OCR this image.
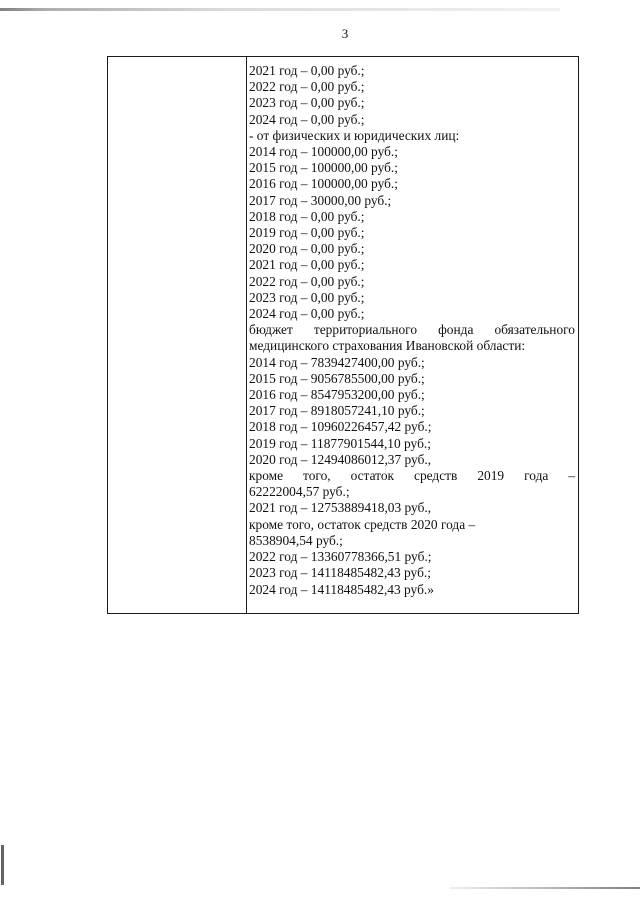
3
2021 год – 0,00 руб.;
2022 год – 0,00 руб.;
2023 год – 0,00 руб.;
2024 год – 0,00 руб.;
- от физических и юридических лиц:
2014 год – 100000,00 руб.;
2015 год – 100000,00 руб.;
2016 год – 100000,00 руб.;
2017 год – 30000,00 руб.;
2018 год – 0,00 руб.;
2019 год – 0,00 руб.;
2020 год – 0,00 руб.;
2021 год – 0,00 руб.;
2022 год – 0,00 руб.;
2023 год – 0,00 руб.;
2024 год – 0,00 руб.;
бюджет территориального фонда обязательного
медицинского страхования Ивановской области:
2014 год – 7839427400,00 руб.;
2015 год – 9056785500,00 руб.;
2016 год – 8547953200,00 руб.;
2017 год – 8918057241,10 руб.;
2018 год – 10960226457,42 руб.;
2019 год – 11877901544,10 руб.;
2020 год – 12494086012,37 руб.,
кроме того, остаток средств 2019 года –
62222004,57 руб.;
2021 год – 12753889418,03 руб.,
кроме того, остаток средств 2020 года –
8538904,54 руб.;
2022 год – 13360778366,51 руб.;
2023 год – 14118485482,43 руб.;
2024 год – 14118485482,43 руб.»
